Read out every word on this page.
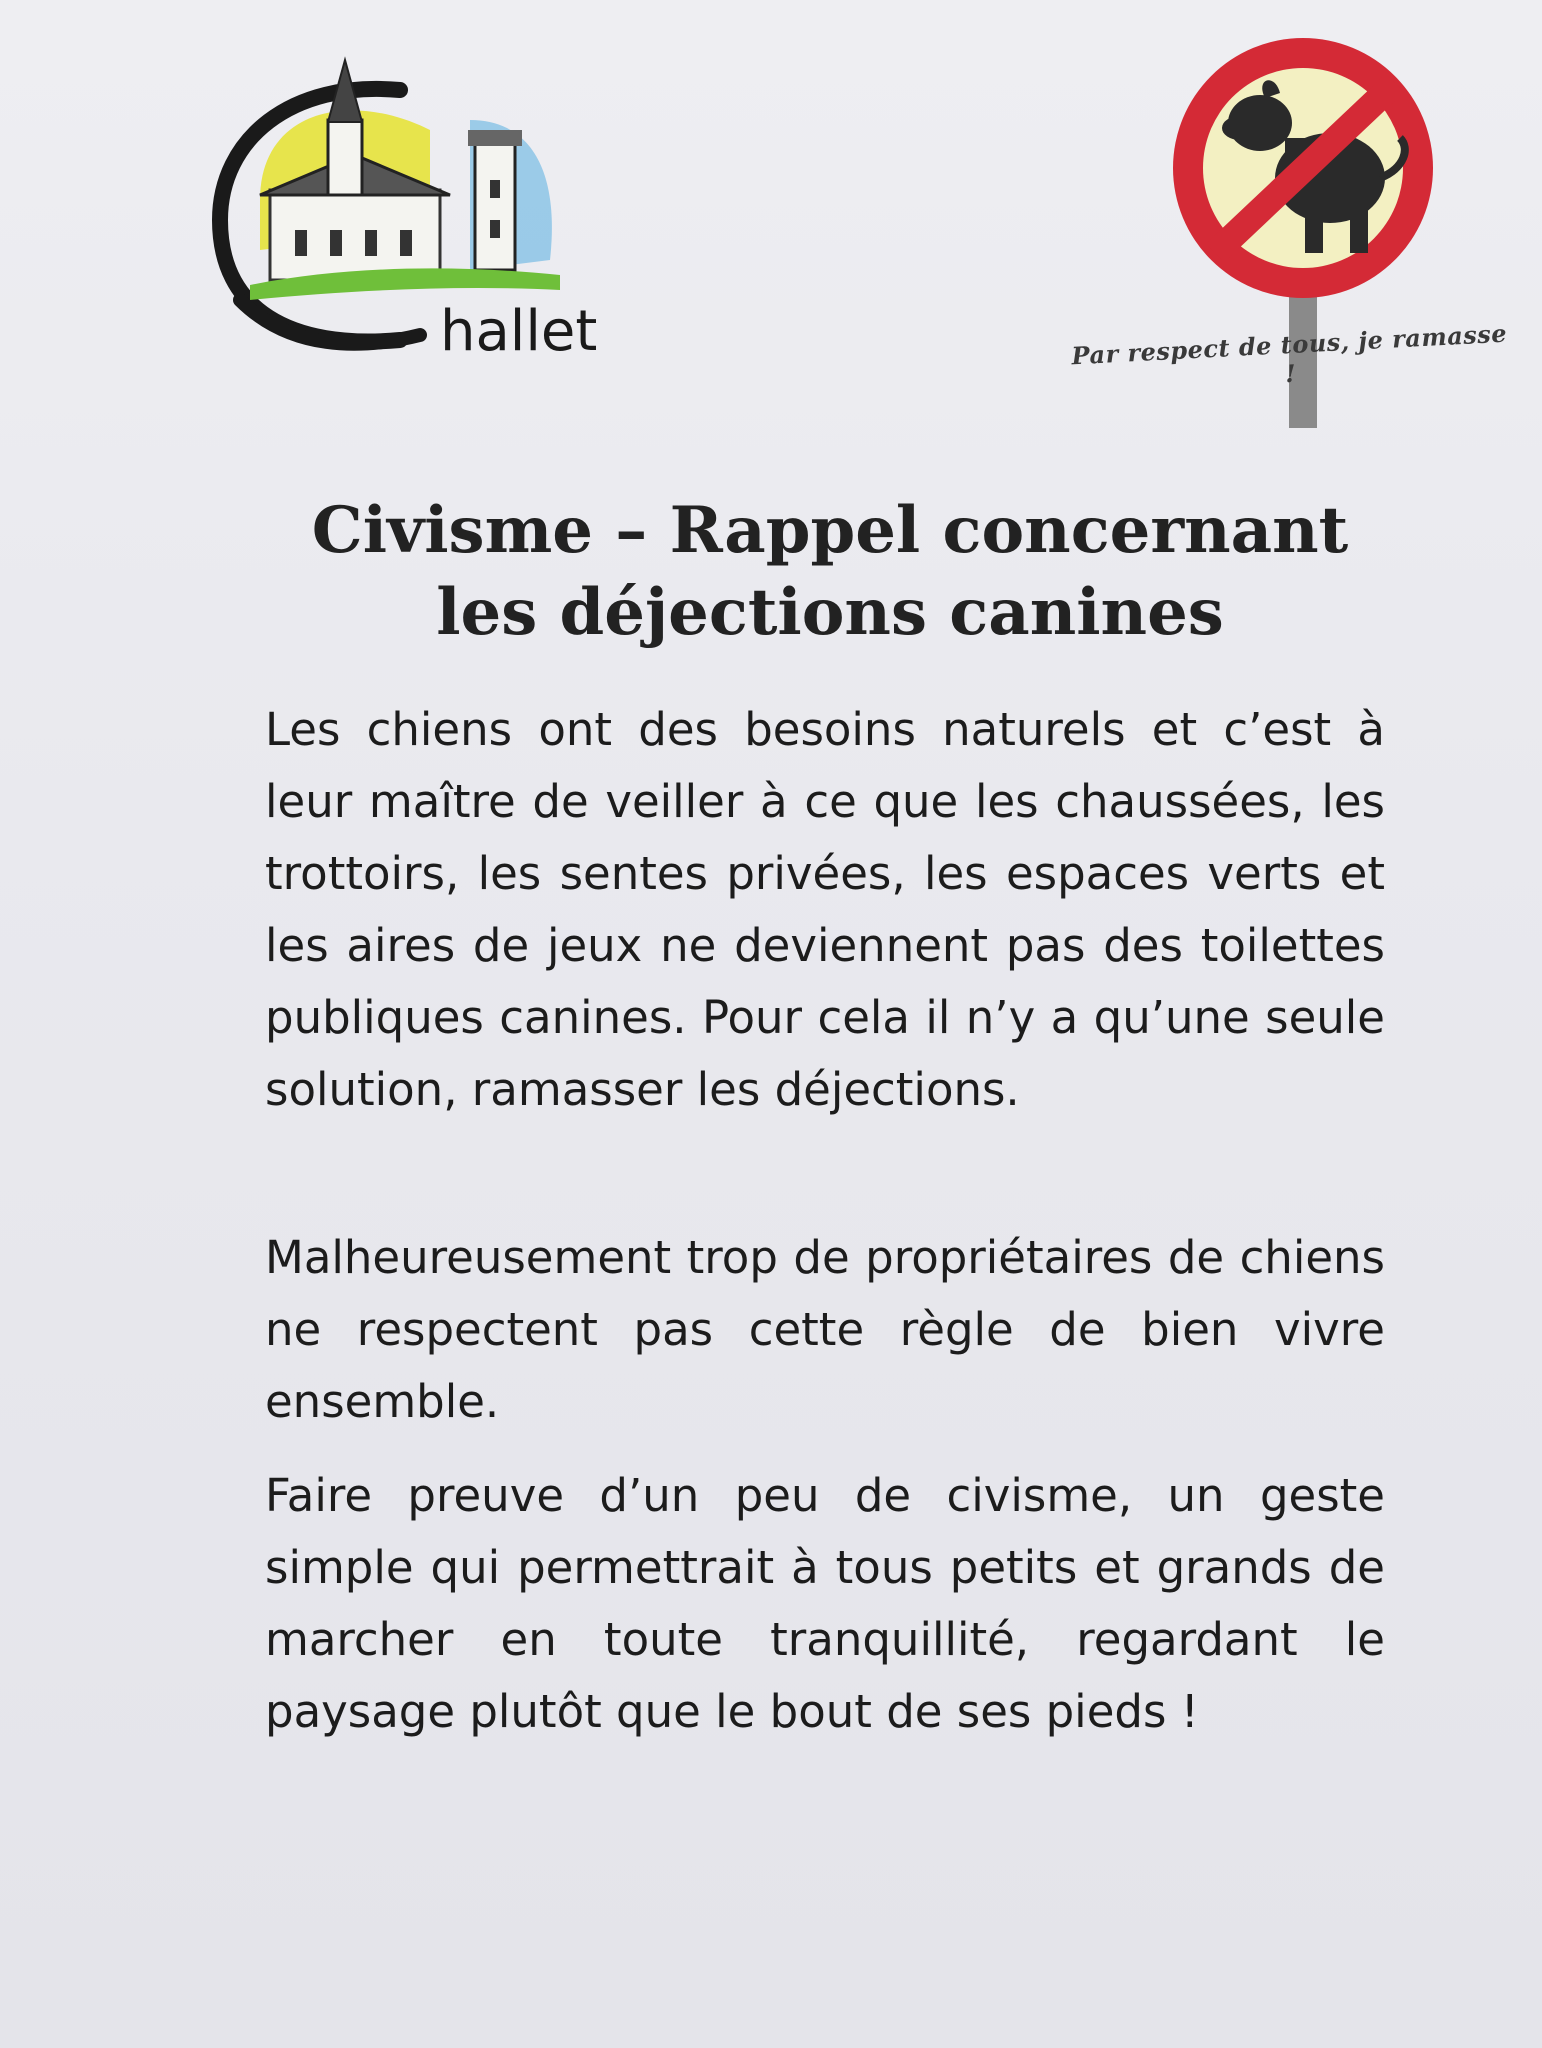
hallet	Par respect de tous, je ramasse !
Civisme – Rappel concernant
les déjections canines
Les chiens ont des besoins naturels et c’est à leur maître de veiller à ce que les chaussées, les trottoirs, les sentes privées, les espaces verts et les aires de jeux ne deviennent pas des toilettes publiques canines. Pour cela il n’y a qu’une seule solution, ramasser les déjections.
Malheureusement trop de propriétaires de chiens ne respectent pas cette règle de bien vivre ensemble.
Faire preuve d’un peu de civisme, un geste simple qui permettrait à tous petits et grands de marcher en toute tranquillité, regardant le paysage plutôt que le bout de ses pieds !
